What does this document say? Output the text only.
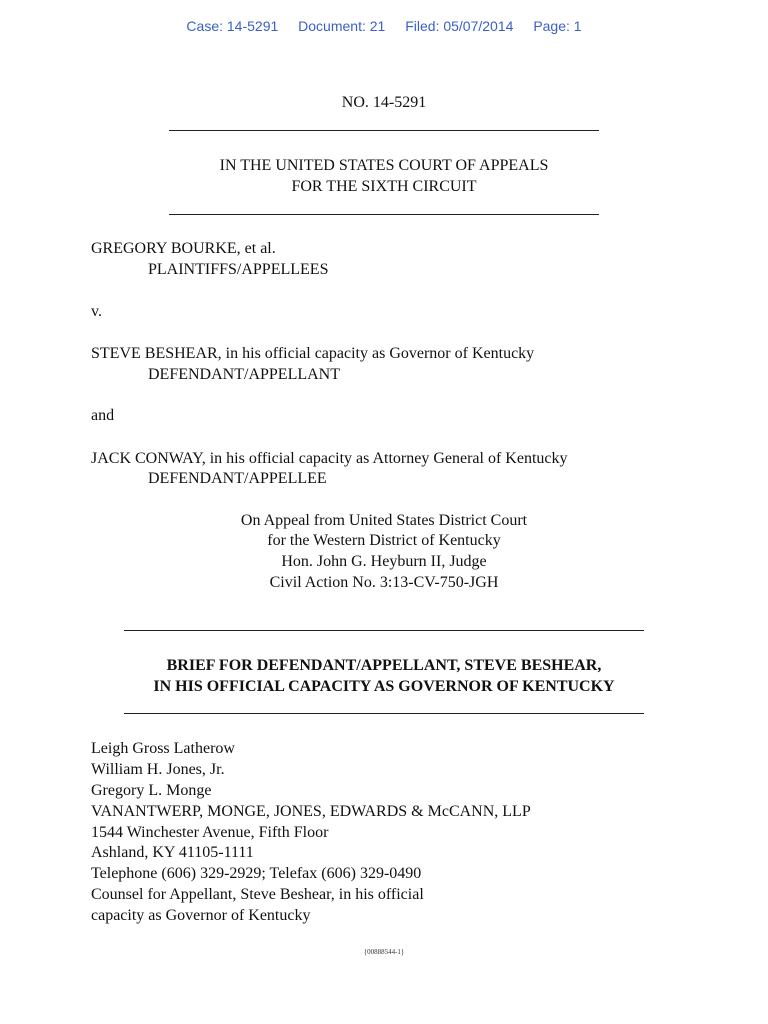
Case: 14-5291 Document: 21 Filed: 05/07/2014 Page: 1
NO. 14-5291
IN THE UNITED STATES COURT OF APPEALS
FOR THE SIXTH CIRCUIT
GREGORY BOURKE, et al.
PLAINTIFFS/APPELLEES
v.
STEVE BESHEAR, in his official capacity as Governor of Kentucky
DEFENDANT/APPELLANT
and
JACK CONWAY, in his official capacity as Attorney General of Kentucky
DEFENDANT/APPELLEE
On Appeal from United States District Court
for the Western District of Kentucky
Hon. John G. Heyburn II, Judge
Civil Action No. 3:13-CV-750-JGH
BRIEF FOR DEFENDANT/APPELLANT, STEVE BESHEAR,
IN HIS OFFICIAL CAPACITY AS GOVERNOR OF KENTUCKY
Leigh Gross Latherow
William H. Jones, Jr.
Gregory L. Monge
VANANTWERP, MONGE, JONES, EDWARDS & McCANN, LLP
1544 Winchester Avenue, Fifth Floor
Ashland, KY 41105-1111
Telephone (606) 329-2929; Telefax (606) 329-0490
Counsel for Appellant, Steve Beshear, in his official
capacity as Governor of Kentucky
{00888544-1}
